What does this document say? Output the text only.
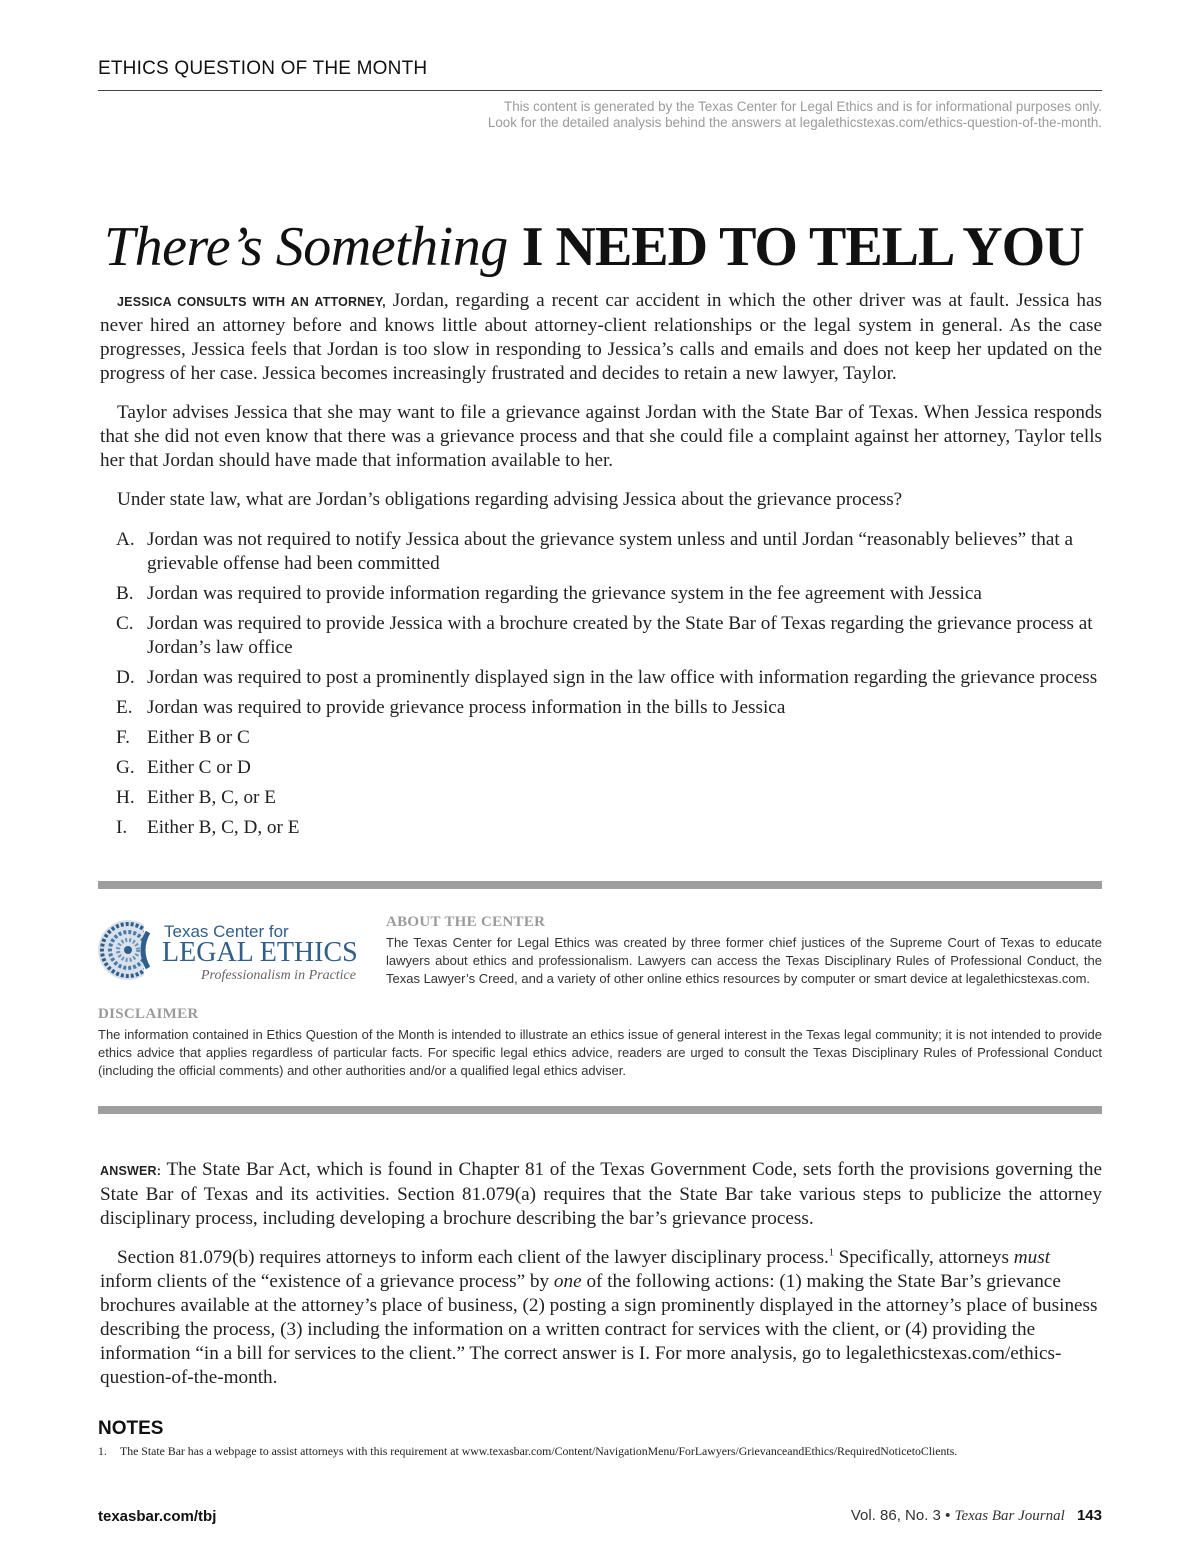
ETHICS QUESTION OF THE MONTH
This content is generated by the Texas Center for Legal Ethics and is for informational purposes only.
Look for the detailed analysis behind the answers at legalethicstexas.com/ethics-question-of-the-month.
There’s Something I NEED TO TELL YOU

JESSICA CONSULTS WITH AN ATTORNEY, Jordan, regarding a recent car accident in which the other driver was at fault. Jessica has never hired an attorney before and knows little about attorney-client relationships or the legal system in general. As the case progresses, Jessica feels that Jordan is too slow in responding to Jessica’s calls and emails and does not keep her updated on the progress of her case. Jessica becomes increasingly frustrated and decides to retain a new lawyer, Taylor.

Taylor advises Jessica that she may want to file a grievance against Jordan with the State Bar of Texas. When Jessica responds that she did not even know that there was a grievance process and that she could file a complaint against her attorney, Taylor tells her that Jordan should have made that information available to her.

Under state law, what are Jordan’s obligations regarding advising Jessica about the grievance process?

A. Jordan was not required to notify Jessica about the grievance system unless and until Jordan “reasonably believes” that a grievable offense had been committed
B. Jordan was required to provide information regarding the grievance system in the fee agreement with Jessica
C. Jordan was required to provide Jessica with a brochure created by the State Bar of Texas regarding the grievance process at Jordan’s law office
D. Jordan was required to post a prominently displayed sign in the law office with information regarding the grievance process
E. Jordan was required to provide grievance process information in the bills to Jessica
F. Either B or C
G. Either C or D
H. Either B, C, or E
I.	Either B, C, D, or E
Texas Center for
LEGAL ETHICS
Professionalism in Practice
ABOUT THE CENTER
The Texas Center for Legal Ethics was created by three former chief justices of the Supreme Court of Texas to educate lawyers about ethics and professionalism. Lawyers can access the Texas Disciplinary Rules of Professional Conduct, the Texas Lawyer’s Creed, and a variety of other online ethics resources by computer or smart device at legalethicstexas.com.
DISCLAIMER
The information contained in Ethics Question of the Month is intended to illustrate an ethics issue of general interest in the Texas legal community; it is not intended to provide ethics advice that applies regardless of particular facts. For specific legal ethics advice, readers are urged to consult the Texas Disciplinary Rules of Professional Conduct (including the official comments) and other authorities and/or a qualified legal ethics adviser.

ANSWER: The State Bar Act, which is found in Chapter 81 of the Texas Government Code, sets forth the provisions governing the State Bar of Texas and its activities. Section 81.079(a) requires that the State Bar take various steps to publicize the attorney disciplinary process, including developing a brochure describing the bar’s grievance process.

Section 81.079(b) requires attorneys to inform each client of the lawyer disciplinary process.$^1$ Specifically, attorneys must inform clients of the “existence of a grievance process” by one of the following actions: (1) making the State Bar’s grievance brochures available at the attorney’s place of business, (2) posting a sign prominently displayed in the attorney’s place of business describing the process, (3) including the information on a written contract for services with the client, or (4) providing the information “in a bill for services to the client.” The correct answer is I. For more analysis, go to legalethicstexas.com/ethics-question-of-the-month.

NOTES
1. The State Bar has a webpage to assist attorneys with this requirement at www.texasbar.com/Content/NavigationMenu/ForLawyers/GrievanceandEthics/RequiredNoticetoClients.
texasbar.com/tbj	Vol. 86, No. 3 • Texas Bar Journal 143
